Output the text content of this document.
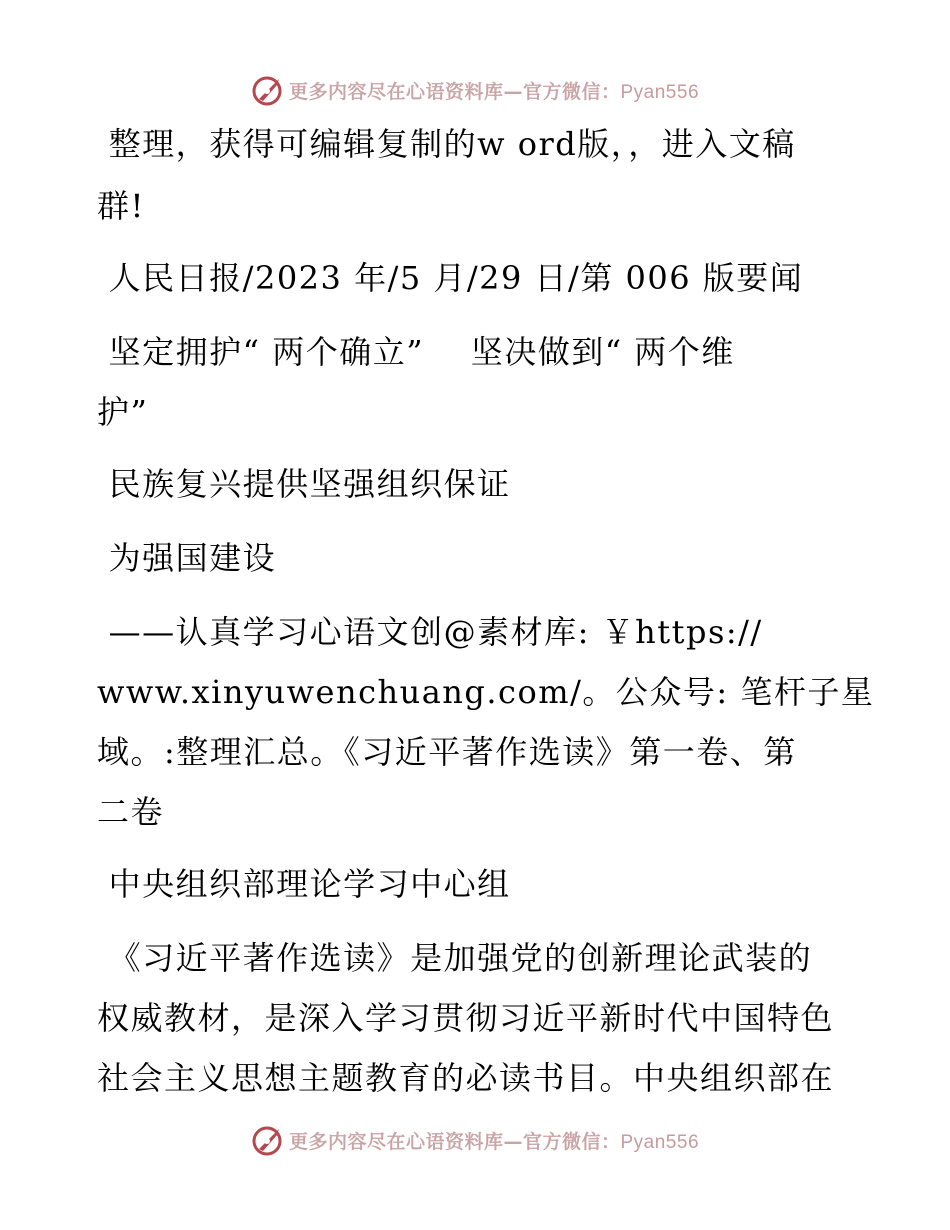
更多内容尽在心语资料库—官方微信：Pyan556
整理，获得可编辑复制的w ord版，，进入文稿
群!
人民日报/2023 年/5 月/29 日/第 006 版要闻
坚定拥护“ 两个确立”    坚决做到“ 两个维
护”
民族复兴提供坚强组织保证
为强国建设
——认真学习心语文创@素材库: ￥https://
www.xinyuwenchuang.com/。公众号: 笔杆子星
域。:整理汇总。《习近平著作选读》第一卷、第
二卷
中央组织部理论学习中心组
《习近平著作选读》是加强党的创新理论武装的
权威教材，是深入学习贯彻习近平新时代中国特色
社会主义思想主题教育的必读书目。中央组织部在
更多内容尽在心语资料库—官方微信：Pyan556
